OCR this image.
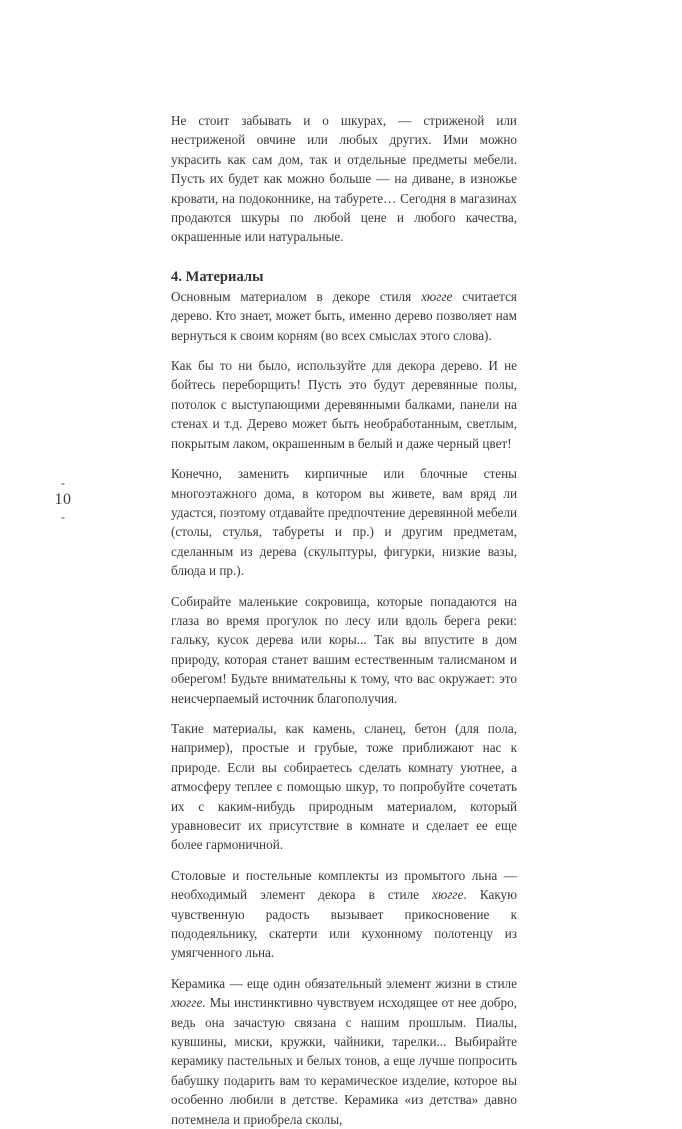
-
10
-

Не стоит забывать и о шкурах, — стриженой или нестриженой овчине или любых других. Ими можно украсить как сам дом, так и отдельные предметы мебели. Пусть их будет как можно больше — на диване, в изножье кровати, на подоконнике, на табурете… Сегодня в магазинах продаются шкуры по любой цене и любого качества, окрашенные или натуральные.

4. Материалы

Основным материалом в декоре стиля хюгге считается дерево. Кто знает, может быть, именно дерево позволяет нам вернуться к своим корням (во всех смыслах этого слова).

Как бы то ни было, используйте для декора дерево. И не бойтесь переборщить! Пусть это будут деревянные полы, потолок с выступающими деревянными балками, панели на стенах и т.д. Дерево может быть необработанным, светлым, покрытым лаком, окрашенным в белый и даже черный цвет!

Конечно, заменить кирпичные или блочные стены многоэтажного дома, в котором вы живете, вам вряд ли удастся, поэтому отдавайте предпочтение деревянной мебели (столы, стулья, табуреты и пр.) и другим предметам, сделанным из дерева (скульптуры, фигурки, низкие вазы, блюда и пр.).

Собирайте маленькие сокровища, которые попадаются на глаза во время прогулок по лесу или вдоль берега реки: гальку, кусок дерева или коры... Так вы впустите в дом природу, которая станет вашим естественным талисманом и оберегом! Будьте внимательны к тому, что вас окружает: это неисчерпаемый источник благополучия.

Такие материалы, как камень, сланец, бетон (для пола, например), простые и грубые, тоже приближают нас к природе. Если вы собираетесь сделать комнату уютнее, а атмосферу теплее с помощью шкур, то попробуйте сочетать их с каким-нибудь природным материалом, который уравновесит их присутствие в комнате и сделает ее еще более гармоничной.

Столовые и постельные комплекты из промытого льна — необходимый элемент декора в стиле хюгге. Какую чувственную радость вызывает прикосновение к пододеяльнику, скатерти или кухонному полотенцу из умягченного льна.

Керамика — еще один обязательный элемент жизни в стиле хюгге. Мы инстинктивно чувствуем исходящее от нее добро, ведь она зачастую связана с нашим прошлым. Пиалы, кувшины, миски, кружки, чайники, тарелки... Выбирайте керамику пастельных и белых тонов, а еще лучше попросить бабушку подарить вам то керамическое изделие, которое вы особенно любили в детстве. Керамика «из детства» давно потемнела и приобрела сколы,
